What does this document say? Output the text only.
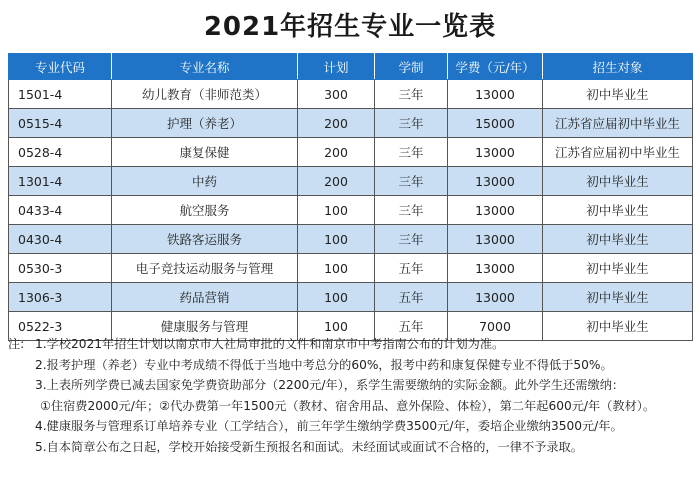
2021年招生专业一览表
专业代码	专业名称	计划	学制	学费（元/年）	招生对象
1501-4	幼儿教育（非师范类）	300	三年	13000	初中毕业生
0515-4	护理（养老）	200	三年	15000	江苏省应届初中毕业生
0528-4	康复保健	200	三年	13000	江苏省应届初中毕业生
1301-4	中药	200	三年	13000	初中毕业生
0433-4	航空服务	100	三年	13000	初中毕业生
0430-4	铁路客运服务	100	三年	13000	初中毕业生
0530-3	电子竞技运动服务与管理	100	五年	13000	初中毕业生
1306-3	药品营销	100	五年	13000	初中毕业生
0522-3	健康服务与管理	100	五年	7000	初中毕业生
注: 1.学校2021年招生计划以南京市人社局审批的文件和南京市中考指南公布的计划为准。
2.报考护理（养老）专业中考成绩不得低于当地中考总分的60%，报考中药和康复保健专业不得低于50%。
3.上表所列学费已减去国家免学费资助部分（2200元/年），系学生需要缴纳的实际金额。此外学生还需缴纳：
①住宿费2000元/年；②代办费第一年1500元（教材、宿舍用品、意外保险、体检），第二年起600元/年（教材）。
4.健康服务与管理系订单培养专业（工学结合），前三年学生缴纳学费3500元/年，委培企业缴纳3500元/年。
5.自本简章公布之日起，学校开始接受新生预报名和面试。未经面试或面试不合格的，一律不予录取。
